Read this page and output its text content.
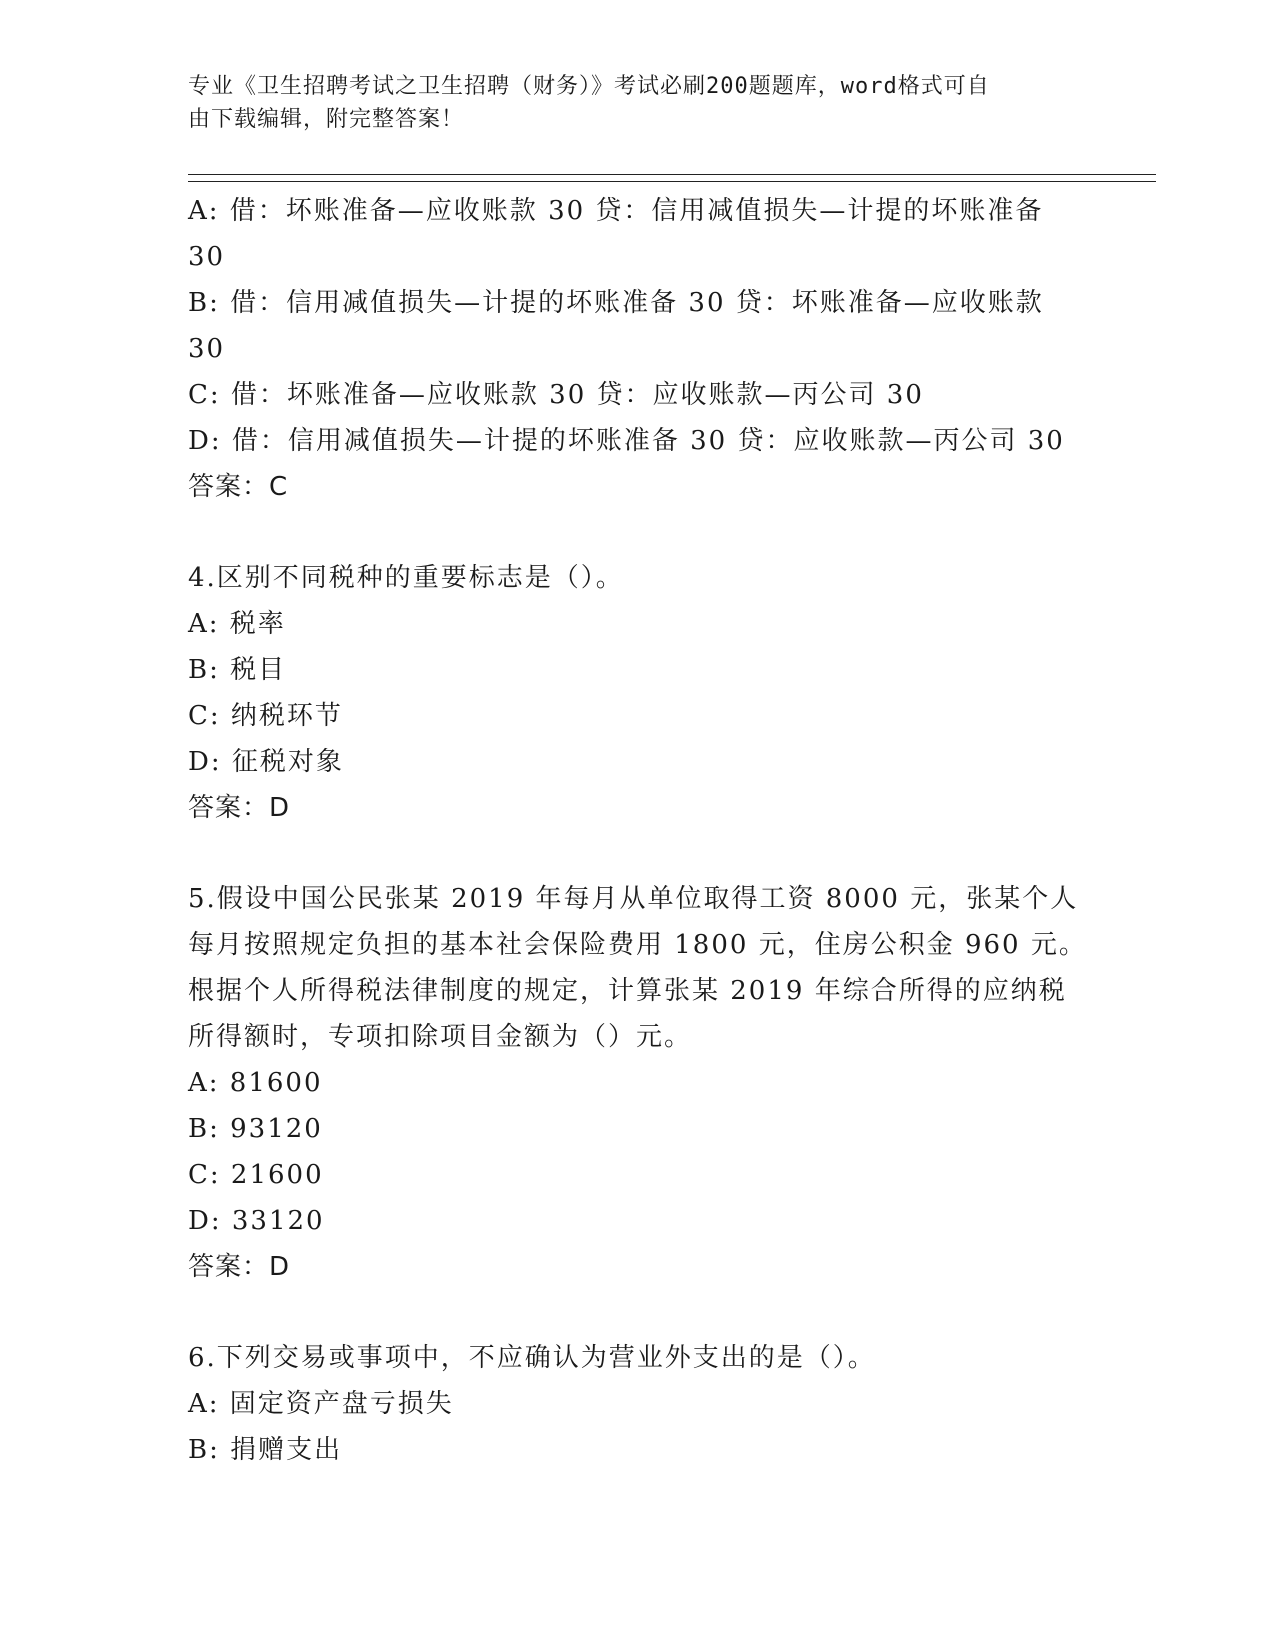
专业《卫生招聘考试之卫生招聘（财务）》考试必刷200题题库，word格式可自
由下载编辑，附完整答案！
A: 借：坏账准备—应收账款 30 贷：信用减值损失—计提的坏账准备
30
B: 借：信用减值损失—计提的坏账准备 30 贷：坏账准备—应收账款
30
C: 借：坏账准备—应收账款 30 贷：应收账款—丙公司 30
D: 借：信用减值损失—计提的坏账准备 30 贷：应收账款—丙公司 30
答案：C
4.区别不同税种的重要标志是（）。
A: 税率
B: 税目
C: 纳税环节
D: 征税对象
答案：D
5.假设中国公民张某 2019 年每月从单位取得工资 8000 元，张某个人
每月按照规定负担的基本社会保险费用 1800 元，住房公积金 960 元。
根据个人所得税法律制度的规定，计算张某 2019 年综合所得的应纳税
所得额时，专项扣除项目金额为（）元。
A: 81600
B: 93120
C: 21600
D: 33120
答案：D
6.下列交易或事项中，不应确认为营业外支出的是（）。
A: 固定资产盘亏损失
B: 捐赠支出
